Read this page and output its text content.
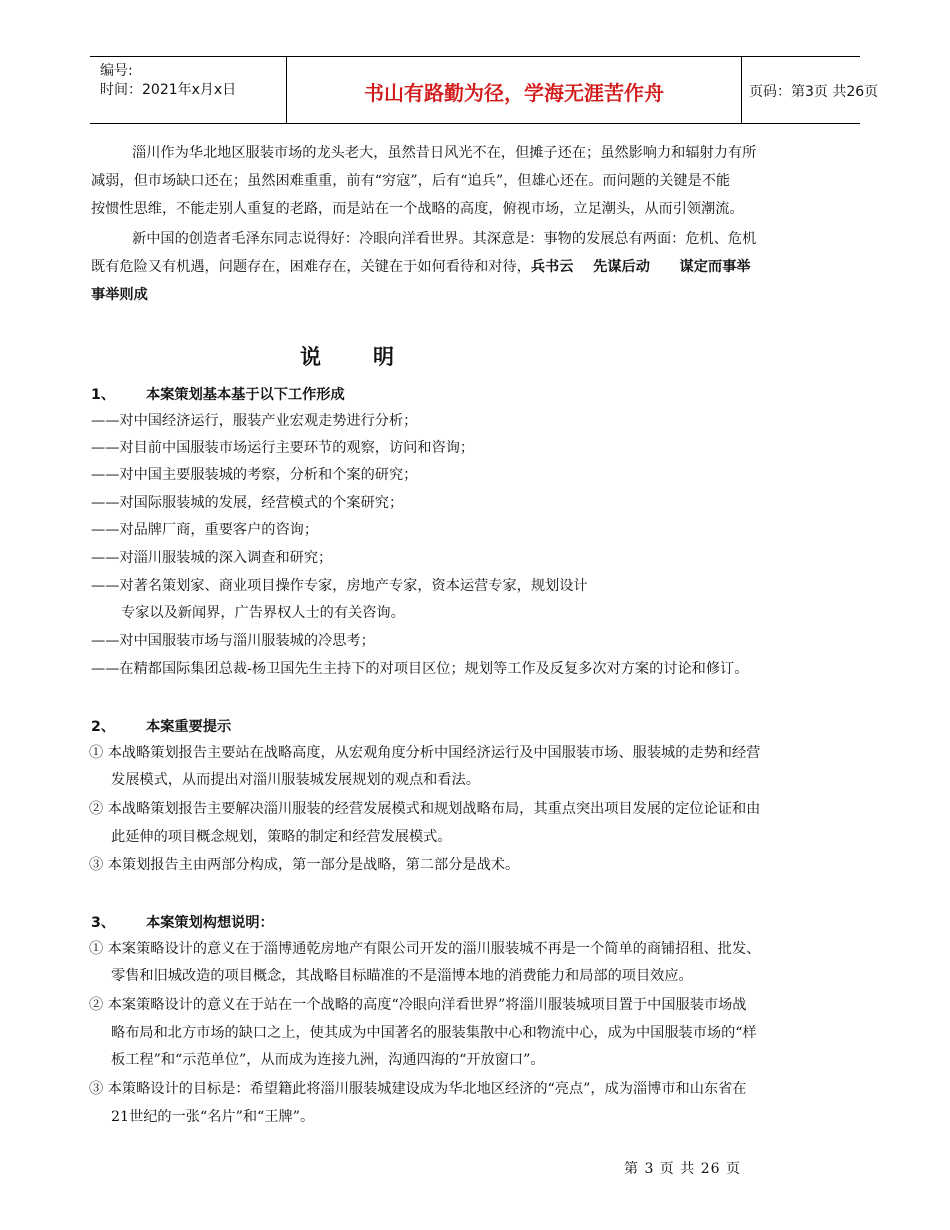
编号:
时间：2021年x月x日	书山有路勤为径，学海无涯苦作舟	页码：第3页 共26页
淄川作为华北地区服装市场的龙头老大，虽然昔日风光不在，但摊子还在；虽然影响力和辐射力有所
减弱，但市场缺口还在；虽然困难重重，前有“穷寇”，后有“追兵”，但雄心还在。而问题的关键是不能
按惯性思维，不能走别人重复的老路，而是站在一个战略的高度，俯视市场，立足潮头，从而引领潮流。
新中国的创造者毛泽东同志说得好：冷眼向洋看世界。其深意是：事物的发展总有两面：危机、危机
既有危险又有机遇，问题存在，困难存在，关键在于如何看待和对待，兵书云    先谋后动      谋定而事举
事举则成
说明
1、 本案策划基本基于以下工作形成
——对中国经济运行，服装产业宏观走势进行分析；
——对目前中国服装市场运行主要环节的观察，访问和咨询；
——对中国主要服装城的考察，分析和个案的研究；
——对国际服装城的发展，经营模式的个案研究；
——对品牌厂商，重要客户的咨询；
——对淄川服装城的深入调查和研究；
——对著名策划家、商业项目操作专家，房地产专家，资本运营专家，规划设计
专家以及新闻界，广告界权人士的有关咨询。
——对中国服装市场与淄川服装城的冷思考；
——在精都国际集团总裁-杨卫国先生主持下的对项目区位；规划等工作及反复多次对方案的讨论和修订。
2、 本案重要提示
① 本战略策划报告主要站在战略高度，从宏观角度分析中国经济运行及中国服装市场、服装城的走势和经营
发展模式，从而提出对淄川服装城发展规划的观点和看法。
② 本战略策划报告主要解决淄川服装的经营发展模式和规划战略布局，其重点突出项目发展的定位论证和由
此延伸的项目概念规划，策略的制定和经营发展模式。
③ 本策划报告主由两部分构成，第一部分是战略，第二部分是战术。
3、 本案策划构想说明：
① 本案策略设计的意义在于淄博通乾房地产有限公司开发的淄川服装城不再是一个简单的商铺招租、批发、
零售和旧城改造的项目概念，其战略目标瞄准的不是淄博本地的消费能力和局部的项目效应。
② 本案策略设计的意义在于站在一个战略的高度“冷眼向洋看世界”将淄川服装城项目置于中国服装市场战
略布局和北方市场的缺口之上，使其成为中国著名的服装集散中心和物流中心，成为中国服装市场的“样
板工程”和“示范单位”，从而成为连接九洲，沟通四海的“开放窗口”。
③ 本策略设计的目标是：希望籍此将淄川服装城建设成为华北地区经济的“亮点”，成为淄博市和山东省在
21世纪的一张“名片”和“王牌”。
第 3 页 共 26 页
